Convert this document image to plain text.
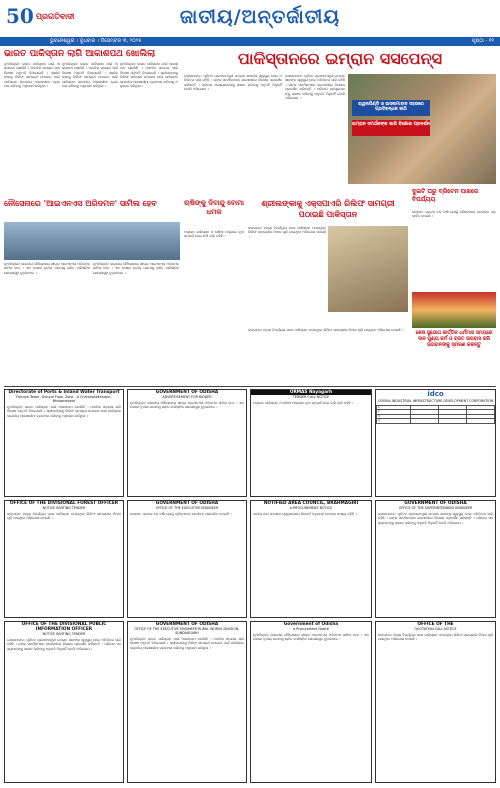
50 ପ୍ରଗତିବାଦୀ	ଜାତୀୟ/ଅନ୍ତର୍ଜାତୀୟ
ଭୁବନେଶ୍ୱର । ବୁଧବାର । ଡିସେମ୍ବର ୩, ୨୦୨୫	ପୃଷ୍ଠା - ୧୧
ଭାରତ ପାକିସ୍ତାନ ଲାଗି ଆକାଶପଥ ଖୋଲିଲା
ନୂଆଦିଲ୍ଲୀ: ଭାରତ ପାକିସ୍ତାନ ପାଇଁ ଆକାଶପଥ ଖୋଲିଛି । ମାନବିକ ସହାୟତା ଲାଗି ବିଶେଷ ଅନୁମତି ଦିଆଯାଇଛି । ଶ୍ରୀଲଙ୍କାକୁ ରିଲିଫ ସାମଗ୍ରୀ ପଠାଇବା ପାଇଁ ପାକିସ୍ତାନ ଭାରତୀୟ ଆକାଶସୀମା ବ୍ୟବହାର କରିବାକୁ ଅନୁରୋଧ କରିଥିଲା ।
ନୂଆଦିଲ୍ଲୀ: ଭାରତ ପାକିସ୍ତାନ ପାଇଁ ଆକାଶପଥ ଖୋଲିଛି । ମାନବିକ ସହାୟତା ଲାଗି ବିଶେଷ ଅନୁମତି ଦିଆଯାଇଛି । ଶ୍ରୀଲଙ୍କାକୁ ରିଲିଫ ସାମଗ୍ରୀ ପଠାଇବା ପାଇଁ ପାକିସ୍ତାନ ଭାରତୀୟ ଆକାଶସୀମା ବ୍ୟବହାର କରିବାକୁ ଅନୁରୋଧ କରିଥିଲା ।
ନୂଆଦିଲ୍ଲୀ: ଭାରତ ପାକିସ୍ତାନ ପାଇଁ ଆକାଶପଥ ଖୋଲିଛି । ମାନବିକ ସହାୟତା ଲାଗି ବିଶେଷ ଅନୁମତି ଦିଆଯାଇଛି । ଶ୍ରୀଲଙ୍କାକୁ ରିଲିଫ ସାମଗ୍ରୀ ପଠାଇବା ପାଇଁ ପାକିସ୍ତାନ ଭାରତୀୟ ଆକାଶସୀମା ବ୍ୟବହାର କରିବାକୁ ଅନୁରୋଧ କରିଥିଲା ।
ପାକିସ୍ତାନରେ ଇମ୍ରାନ ସସପେନ୍ସ
ଇସଲାମାବାଦ: ପୂର୍ବତନ ପ୍ରଧାନମନ୍ତ୍ରୀ ଇମ୍ରାନ ଖାନଙ୍କ ସ୍ୱାସ୍ଥ୍ୟ ନେଇ ଅନିଶ୍ଚିତତା ଲାଗି ରହିଛି । ତାଙ୍କ ସମର୍ଥକମାନେ ରାଜଧାନୀରେ ବିକ୍ଷୋଭ ପ୍ରଦର୍ଶନ କରିଛନ୍ତି । ପରିବାର ସଦସ୍ୟମାନଙ୍କୁ ସାକ୍ଷାତ କରିବାକୁ ଅନୁମତି ମିଳୁନାହିଁ ବୋଲି ଅଭିଯୋଗ ।
ଇସଲାମାବାଦ: ପୂର୍ବତନ ପ୍ରଧାନମନ୍ତ୍ରୀ ଇମ୍ରାନ ଖାନଙ୍କ ସ୍ୱାସ୍ଥ୍ୟ ନେଇ ଅନିଶ୍ଚିତତା ଲାଗି ରହିଛି । ତାଙ୍କ ସମର୍ଥକମାନେ ରାଜଧାନୀରେ ବିକ୍ଷୋଭ ପ୍ରଦର୍ଶନ କରିଛନ୍ତି । ପରିବାର ସଦସ୍ୟମାନଙ୍କୁ ସାକ୍ଷାତ କରିବାକୁ ଅନୁମତି ମିଳୁନାହିଁ ବୋଲି ଅଭିଯୋଗ ।
ରାୱଲପିଣ୍ଡି ଓ ଇସଲାମାବାଦ ସହରରେ ପ୍ରତିବନ୍ଧକ ଜାରି
ଇମ୍ରାନ ସମର୍ଥକଙ୍କ ଭାରି ବିକ୍ଷୋଭ ପ୍ରଦର୍ଶନ
ନୌସେନାରେ 'ଆଇଏନଏସ ଅରିଦମନ' ସାମିଲ ହେବ
ନୂଆଦିଲ୍ଲୀ: ଭାରତୀୟ ନୌସେନାରେ ଶୀଘ୍ର ଆଇଏନଏସ ଅରିଦମନ ସାମିଲ ହେବ । ଏହା ଦେଶର ତୃତୀୟ ପରମାଣୁ ଚାଳିତ ବାଲିଷ୍ଟିକ କ୍ଷେପଣାସ୍ତ୍ର ବୁଡ଼ାଜାହାଜ ।
ନୂଆଦିଲ୍ଲୀ: ଭାରତୀୟ ନୌସେନାରେ ଶୀଘ୍ର ଆଇଏନଏସ ଅରିଦମନ ସାମିଲ ହେବ । ଏହା ଦେଶର ତୃତୀୟ ପରମାଣୁ ଚାଳିତ ବାଲିଷ୍ଟିକ କ୍ଷେପଣାସ୍ତ୍ର ବୁଡ଼ାଜାହାଜ ।
ଋଷିଙ୍କୁ ଦିବାନ୍ଦୁ ବୋମା ଧମକ
ମସ୍କୋ: ପାକିସ୍ତାନ ଓ ଋଷିଆ ମଧ୍ୟରେ ନୂଆ ସମ୍ପର୍କ ନେଇ ଚର୍ଚ୍ଚା ଜାରି ରହିଛି ।
ଶ୍ରୀଲଙ୍କାକୁ ଏକ୍ସପାଏରି ରିଲିଫ ସାମଗ୍ରୀ ପଠାଇଛି ପାକିସ୍ତାନ
କଲମ୍ବୋ: ବନ୍ୟା ବିପର୍ଯ୍ୟୟ ପରେ ପାକିସ୍ତାନ ପଠାଇଥିବା ରିଲିଫ ସାମଗ୍ରୀର ମିଆଦ ପୂରି ଯାଇଥିବା ଅଭିଯୋଗ ହୋଇଛି ।
କଲମ୍ବୋ: ବନ୍ୟା ବିପର୍ଯ୍ୟୟ ପରେ ପାକିସ୍ତାନ ପଠାଇଥିବା ରିଲିଫ ସାମଗ୍ରୀର ମିଆଦ ପୂରି ଯାଇଥିବା ଅଭିଯୋଗ ହୋଇଛି ।
ଦୁଇଟି ଘରୁ ବ୍ରିଟେନ ପାଖରେ ବିପର୍ଯ୍ୟୟ
ଲଣ୍ଡନ: ପ୍ରବଳ ଝଡ଼ ବର୍ଷା ଯୋଗୁଁ ବ୍ରିଟେନରେ ଜନଜୀବନ ପ୍ରଭାବିତ ହୋଇଛି ।
ଶେଷ ସୁଯୋଗ କାର୍ତ୍ତିକ ଧର୍ମମାସ ସମୟରେ ଦାନ ପୁଣ୍ୟ କର୍ମ ଓ ବ୍ରତ ଉପବାସ କରି ଭଗବାନଙ୍କୁ ସ୍ମରଣ କରନ୍ତୁ
Directorate of Ports & Inland Water Transport
Fortune Tower, Ground Floor, Zone - A Chandrasekharpur, Bhubaneswar
ନୂଆଦିଲ୍ଲୀ: ଭାରତ ପାକିସ୍ତାନ ପାଇଁ ଆକାଶପଥ ଖୋଲିଛି । ମାନବିକ ସହାୟତା ଲାଗି ବିଶେଷ ଅନୁମତି ଦିଆଯାଇଛି । ଶ୍ରୀଲଙ୍କାକୁ ରିଲିଫ ସାମଗ୍ରୀ ପଠାଇବା ପାଇଁ ପାକିସ୍ତାନ ଭାରତୀୟ ଆକାଶସୀମା ବ୍ୟବହାର କରିବାକୁ ଅନୁରୋଧ କରିଥିଲା ।
GOVERNMENT OF ODISHA
ADVERTISEMENT FOR BIDDER
ନୂଆଦିଲ୍ଲୀ: ଭାରତୀୟ ନୌସେନାରେ ଶୀଘ୍ର ଆଇଏନଏସ ଅରିଦମନ ସାମିଲ ହେବ । ଏହା ଦେଶର ତୃତୀୟ ପରମାଣୁ ଚାଳିତ ବାଲିଷ୍ଟିକ କ୍ଷେପଣାସ୍ତ୍ର ବୁଡ଼ାଜାହାଜ ।
ORMAS Nayagarh
TENDER CALL NOTICE
ମସ୍କୋ: ପାକିସ୍ତାନ ଓ ଋଷିଆ ମଧ୍ୟରେ ନୂଆ ସମ୍ପର୍କ ନେଇ ଚର୍ଚ୍ଚା ଜାରି ରହିଛି ।
idco
ODISHA INDUSTRIAL INFRASTRUCTURE DEVELOPMENT CORPORATION
1			
2			
3			
4			
OFFICE OF THE DIVISIONAL FOREST OFFICER
NOTICE INVITING TENDER
କଲମ୍ବୋ: ବନ୍ୟା ବିପର୍ଯ୍ୟୟ ପରେ ପାକିସ୍ତାନ ପଠାଇଥିବା ରିଲିଫ ସାମଗ୍ରୀର ମିଆଦ ପୂରି ଯାଇଥିବା ଅଭିଯୋଗ ହୋଇଛି ।
GOVERNMENT OF ODISHA
OFFICE OF THE EXECUTIVE ENGINEER
ଲଣ୍ଡନ: ପ୍ରବଳ ଝଡ଼ ବର୍ଷା ଯୋଗୁଁ ବ୍ରିଟେନରେ ଜନଜୀବନ ପ୍ରଭାବିତ ହୋଇଛି ।
NOTIFIED AREA COUNCIL, BRAHMAGIRI
e-PROCUREMENT NOTICE
ଜାତୀୟ ବାଘ ସଂରକ୍ଷଣ ପ୍ରାଧିକରଣର ରିପୋର୍ଟ ଅନୁଯାୟୀ ବାଘଙ୍କ ସଂଖ୍ୟା ବଢ଼ିଛି ।
GOVERNMENT OF ODISHA
OFFICE OF THE SUPERINTENDING ENGINEER
ଇସଲାମାବାଦ: ପୂର୍ବତନ ପ୍ରଧାନମନ୍ତ୍ରୀ ଇମ୍ରାନ ଖାନଙ୍କ ସ୍ୱାସ୍ଥ୍ୟ ନେଇ ଅନିଶ୍ଚିତତା ଲାଗି ରହିଛି । ତାଙ୍କ ସମର୍ଥକମାନେ ରାଜଧାନୀରେ ବିକ୍ଷୋଭ ପ୍ରଦର୍ଶନ କରିଛନ୍ତି । ପରିବାର ସଦସ୍ୟମାନଙ୍କୁ ସାକ୍ଷାତ କରିବାକୁ ଅନୁମତି ମିଳୁନାହିଁ ବୋଲି ଅଭିଯୋଗ ।
OFFICE OF THE DIVISIONAL PUBLIC INFORMATION OFFICER
NOTICE INVITING TENDER
ଇସଲାମାବାଦ: ପୂର୍ବତନ ପ୍ରଧାନମନ୍ତ୍ରୀ ଇମ୍ରାନ ଖାନଙ୍କ ସ୍ୱାସ୍ଥ୍ୟ ନେଇ ଅନିଶ୍ଚିତତା ଲାଗି ରହିଛି । ତାଙ୍କ ସମର୍ଥକମାନେ ରାଜଧାନୀରେ ବିକ୍ଷୋଭ ପ୍ରଦର୍ଶନ କରିଛନ୍ତି । ପରିବାର ସଦସ୍ୟମାନଙ୍କୁ ସାକ୍ଷାତ କରିବାକୁ ଅନୁମତି ମିଳୁନାହିଁ ବୋଲି ଅଭିଯୋଗ ।
GOVERNMENT OF ODISHA
OFFICE OF THE EXECUTIVE ENGINEER RURAL WORKS DIVISION, SUNDARGARH
ନୂଆଦିଲ୍ଲୀ: ଭାରତ ପାକିସ୍ତାନ ପାଇଁ ଆକାଶପଥ ଖୋଲିଛି । ମାନବିକ ସହାୟତା ଲାଗି ବିଶେଷ ଅନୁମତି ଦିଆଯାଇଛି । ଶ୍ରୀଲଙ୍କାକୁ ରିଲିଫ ସାମଗ୍ରୀ ପଠାଇବା ପାଇଁ ପାକିସ୍ତାନ ଭାରତୀୟ ଆକାଶସୀମା ବ୍ୟବହାର କରିବାକୁ ଅନୁରୋଧ କରିଥିଲା ।
Government of Odisha
e-Procurement Notice
ନୂଆଦିଲ୍ଲୀ: ଭାରତୀୟ ନୌସେନାରେ ଶୀଘ୍ର ଆଇଏନଏସ ଅରିଦମନ ସାମିଲ ହେବ । ଏହା ଦେଶର ତୃତୀୟ ପରମାଣୁ ଚାଳିତ ବାଲିଷ୍ଟିକ କ୍ଷେପଣାସ୍ତ୍ର ବୁଡ଼ାଜାହାଜ ।
OFFICE OF THE
QUOTATION CALL NOTICE
କଲମ୍ବୋ: ବନ୍ୟା ବିପର୍ଯ୍ୟୟ ପରେ ପାକିସ୍ତାନ ପଠାଇଥିବା ରିଲିଫ ସାମଗ୍ରୀର ମିଆଦ ପୂରି ଯାଇଥିବା ଅଭିଯୋଗ ହୋଇଛି ।
